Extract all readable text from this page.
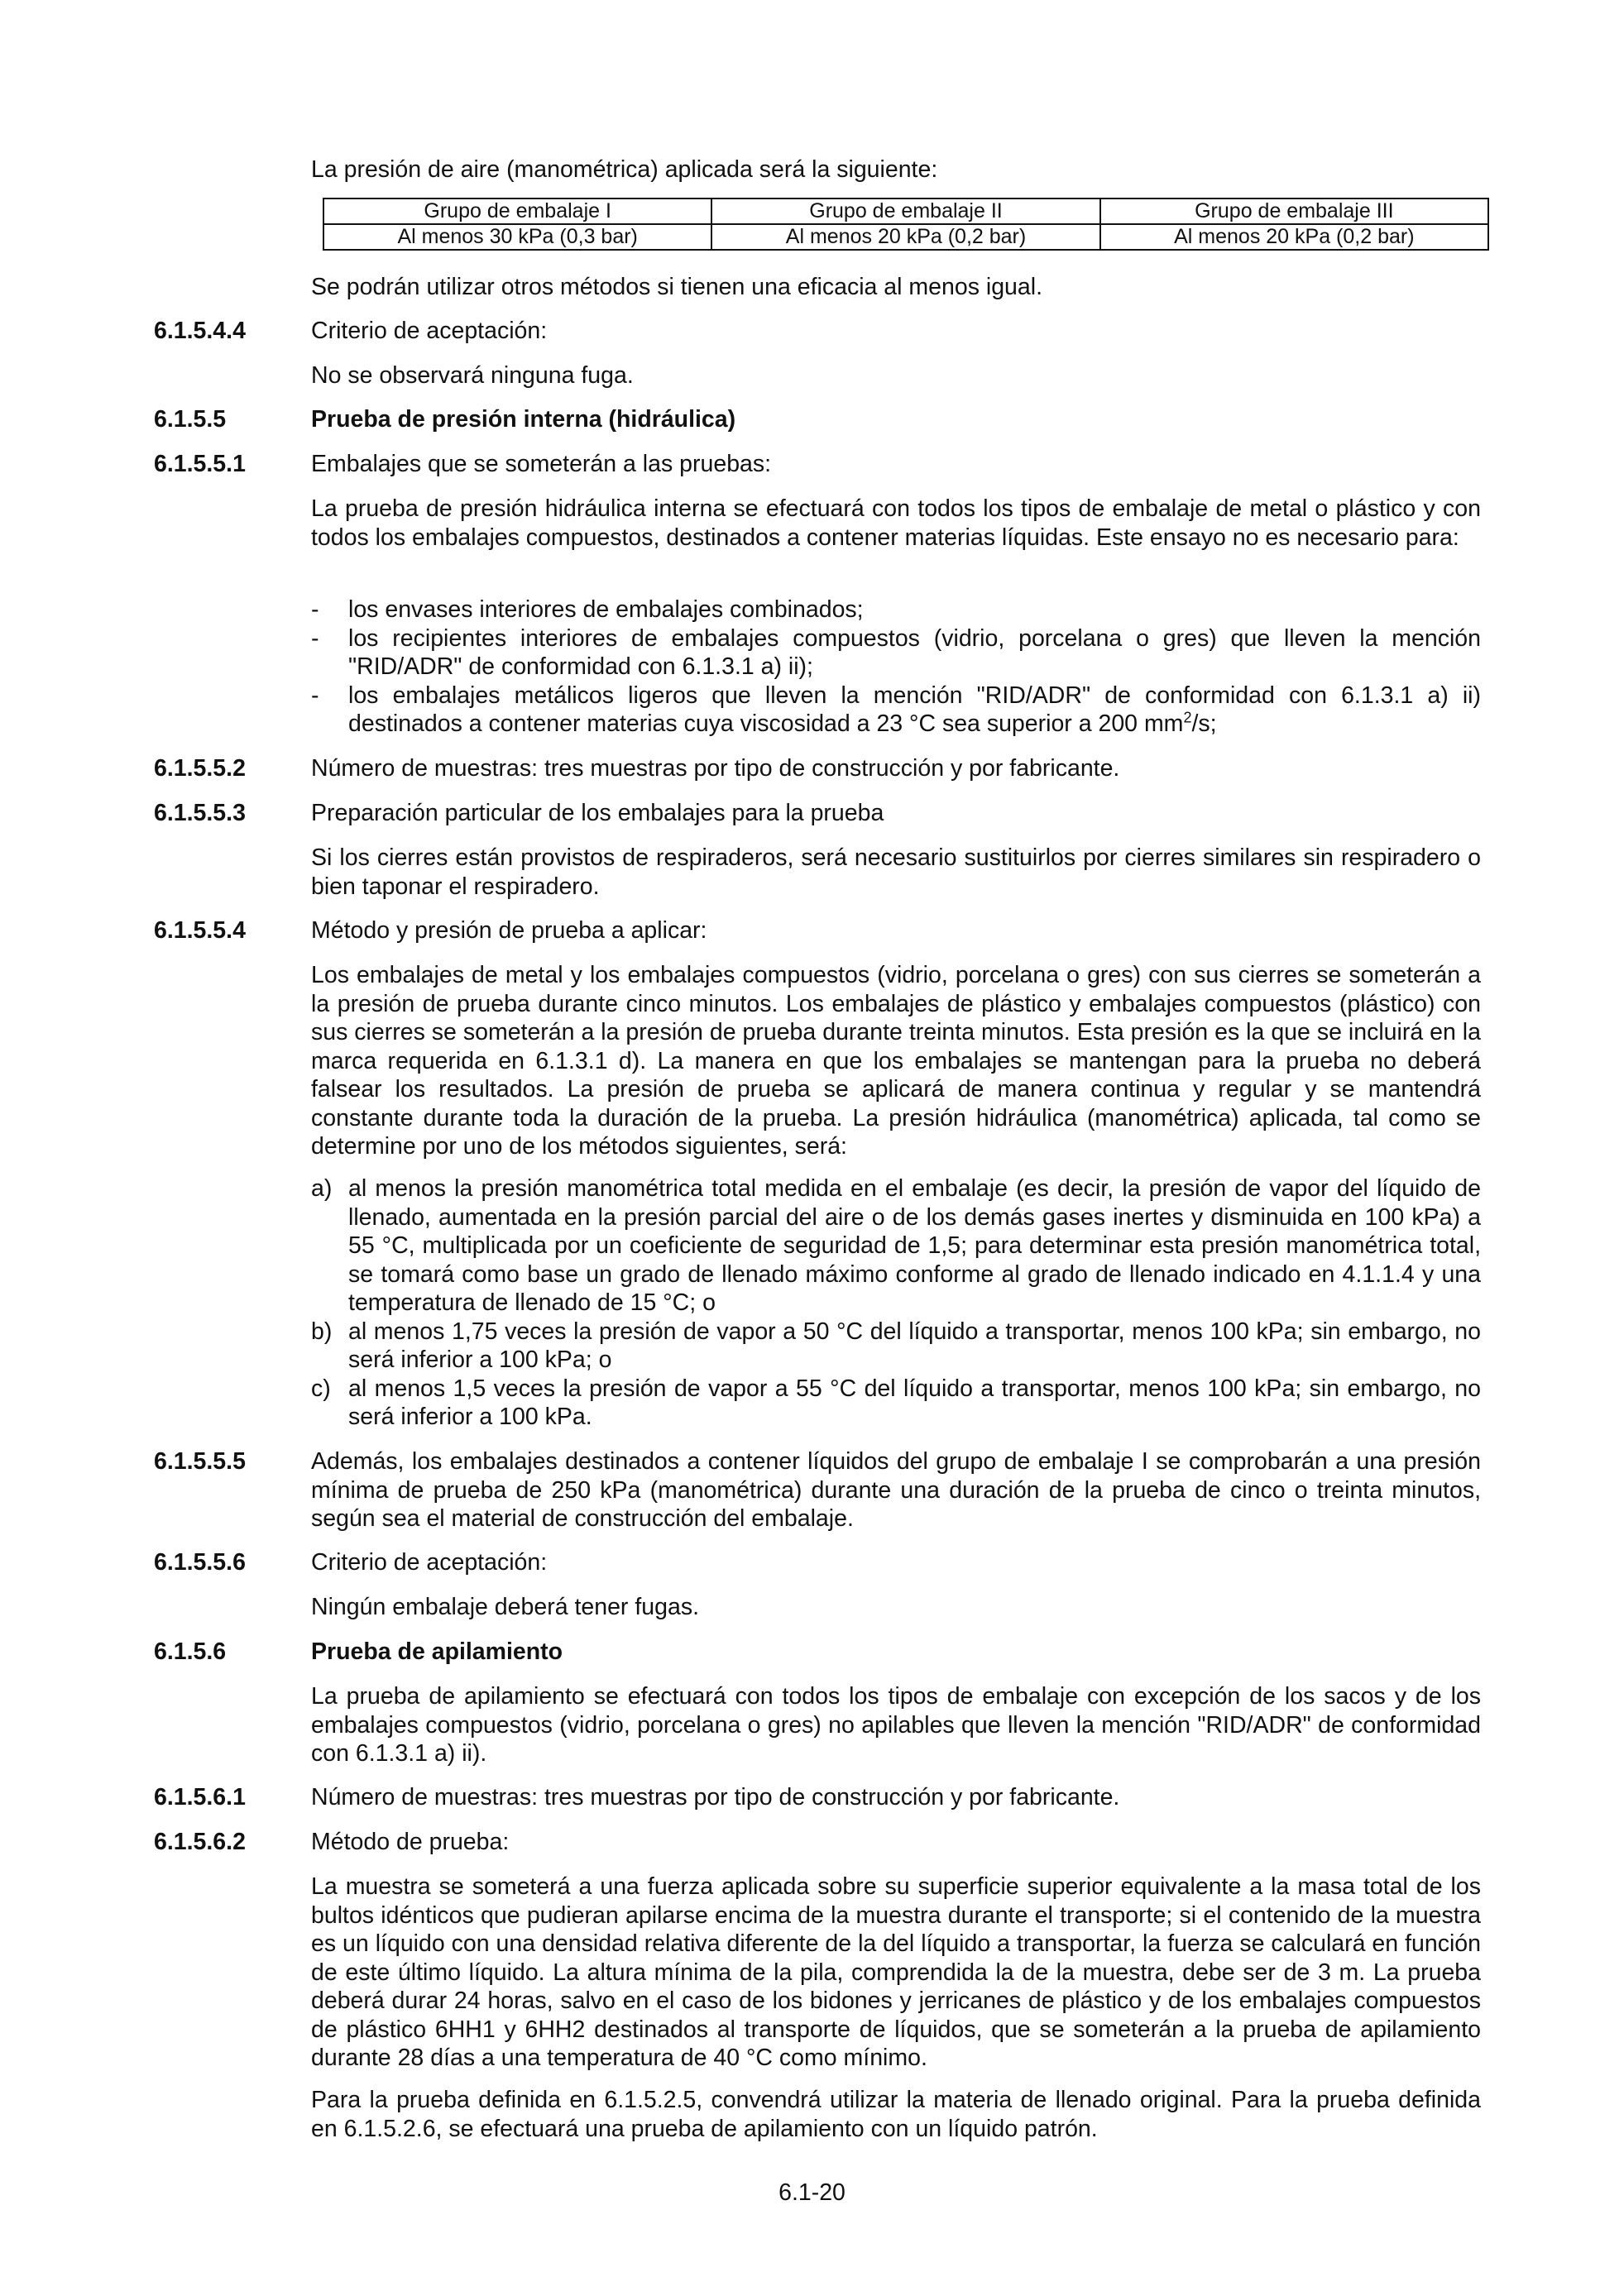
La presión de aire (manométrica) aplicada será la siguiente:
Grupo de embalaje I	Grupo de embalaje II	Grupo de embalaje III
Al menos 30 kPa (0,3 bar)	Al menos 20 kPa (0,2 bar)	Al menos 20 kPa (0,2 bar)
Se podrán utilizar otros métodos si tienen una eficacia al menos igual.
6.1.5.4.4	Criterio de aceptación:
No se observará ninguna fuga.
6.1.5.5	Prueba de presión interna (hidráulica)
6.1.5.5.1	Embalajes que se someterán a las pruebas:
La prueba de presión hidráulica interna se efectuará con todos los tipos de embalaje de metal o plástico y con todos los embalajes compuestos, destinados a contener materias líquidas. Este ensayo no es necesario para:
- los envases interiores de embalajes combinados;
- los recipientes interiores de embalajes compuestos (vidrio, porcelana o gres) que lleven la mención "RID/ADR" de conformidad con 6.1.3.1 a) ii);
- los embalajes metálicos ligeros que lleven la mención "RID/ADR" de conformidad con 6.1.3.1 a) ii) destinados a contener materias cuya viscosidad a 23 °C sea superior a 200 $mm^2/s$;
6.1.5.5.2	Número de muestras: tres muestras por tipo de construcción y por fabricante.
6.1.5.5.3	Preparación particular de los embalajes para la prueba
Si los cierres están provistos de respiraderos, será necesario sustituirlos por cierres similares sin respiradero o bien taponar el respiradero.
6.1.5.5.4	Método y presión de prueba a aplicar:
Los embalajes de metal y los embalajes compuestos (vidrio, porcelana o gres) con sus cierres se someterán a la presión de prueba durante cinco minutos. Los embalajes de plástico y embalajes compuestos (plástico) con sus cierres se someterán a la presión de prueba durante treinta minutos. Esta presión es la que se incluirá en la marca requerida en 6.1.3.1 d). La manera en que los embalajes se mantengan para la prueba no deberá falsear los resultados. La presión de prueba se aplicará de manera continua y regular y se mantendrá constante durante toda la duración de la prueba. La presión hidráulica (manométrica) aplicada, tal como se determine por uno de los métodos siguientes, será:
a) al menos la presión manométrica total medida en el embalaje (es decir, la presión de vapor del líquido de llenado, aumentada en la presión parcial del aire o de los demás gases inertes y disminuida en 100 kPa) a 55 °C, multiplicada por un coeficiente de seguridad de 1,5; para determinar esta presión manométrica total, se tomará como base un grado de llenado máximo conforme al grado de llenado indicado en 4.1.1.4 y una temperatura de llenado de 15 °C; o
b) al menos 1,75 veces la presión de vapor a 50 °C del líquido a transportar, menos 100 kPa; sin embargo, no será inferior a 100 kPa; o
c) al menos 1,5 veces la presión de vapor a 55 °C del líquido a transportar, menos 100 kPa; sin embargo, no será inferior a 100 kPa.
6.1.5.5.5	Además, los embalajes destinados a contener líquidos del grupo de embalaje I se comprobarán a una presión mínima de prueba de 250 kPa (manométrica) durante una duración de la prueba de cinco o treinta minutos, según sea el material de construcción del embalaje.
6.1.5.5.6	Criterio de aceptación:
Ningún embalaje deberá tener fugas.
6.1.5.6	Prueba de apilamiento
La prueba de apilamiento se efectuará con todos los tipos de embalaje con excepción de los sacos y de los embalajes compuestos (vidrio, porcelana o gres) no apilables que lleven la mención "RID/ADR" de conformidad con 6.1.3.1 a) ii).
6.1.5.6.1	Número de muestras: tres muestras por tipo de construcción y por fabricante.
6.1.5.6.2	Método de prueba:
La muestra se someterá a una fuerza aplicada sobre su superficie superior equivalente a la masa total de los bultos idénticos que pudieran apilarse encima de la muestra durante el transporte; si el contenido de la muestra es un líquido con una densidad relativa diferente de la del líquido a transportar, la fuerza se calculará en función de este último líquido. La altura mínima de la pila, comprendida la de la muestra, debe ser de 3 m. La prueba deberá durar 24 horas, salvo en el caso de los bidones y jerricanes de plástico y de los embalajes compuestos de plástico 6HH1 y 6HH2 destinados al transporte de líquidos, que se someterán a la prueba de apilamiento durante 28 días a una temperatura de 40 °C como mínimo.
Para la prueba definida en 6.1.5.2.5, convendrá utilizar la materia de llenado original. Para la prueba definida en 6.1.5.2.6, se efectuará una prueba de apilamiento con un líquido patrón.
6.1-20
